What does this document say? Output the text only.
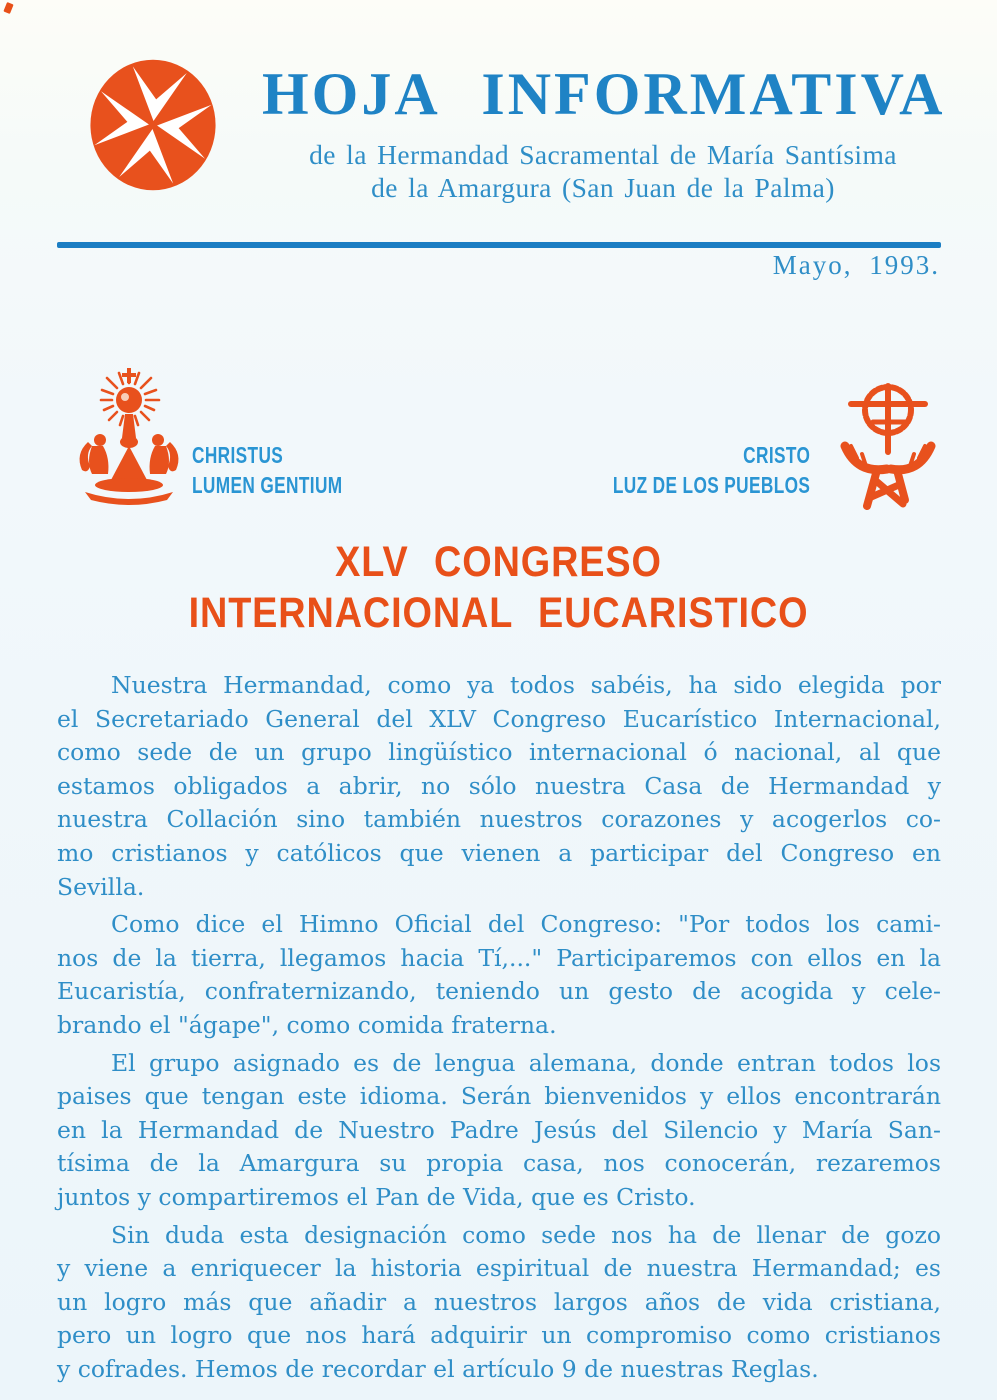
HOJA INFORMATIVA
de la Hermandad Sacramental de María Santísima
de la Amargura (San Juan de la Palma)
Mayo, 1993.
CHRISTUS
LUMEN GENTIUM
CRISTO
LUZ DE LOS PUEBLOS
XLV CONGRESO
INTERNACIONAL EUCARISTICO
Nuestra Hermandad, como ya todos sabéis, ha sido elegida por
el Secretariado General del XLV Congreso Eucarístico Internacional,
como sede de un grupo lingüístico internacional ó nacional, al que
estamos obligados a abrir, no sólo nuestra Casa de Hermandad y
nuestra Collación sino también nuestros corazones y acogerlos co-
mo cristianos y católicos que vienen a participar del Congreso en
Sevilla.
Como dice el Himno Oficial del Congreso: "Por todos los cami-
nos de la tierra, llegamos hacia Tí,..." Participaremos con ellos en la
Eucaristía, confraternizando, teniendo un gesto de acogida y cele-
brando el "ágape", como comida fraterna.
El grupo asignado es de lengua alemana, donde entran todos los
paises que tengan este idioma. Serán bienvenidos y ellos encontrarán
en la Hermandad de Nuestro Padre Jesús del Silencio y María San-
tísima de la Amargura su propia casa, nos conocerán, rezaremos
juntos y compartiremos el Pan de Vida, que es Cristo.
Sin duda esta designación como sede nos ha de llenar de gozo
y viene a enriquecer la historia espiritual de nuestra Hermandad; es
un logro más que añadir a nuestros largos años de vida cristiana,
pero un logro que nos hará adquirir un compromiso como cristianos
y cofrades. Hemos de recordar el artículo 9 de nuestras Reglas.
